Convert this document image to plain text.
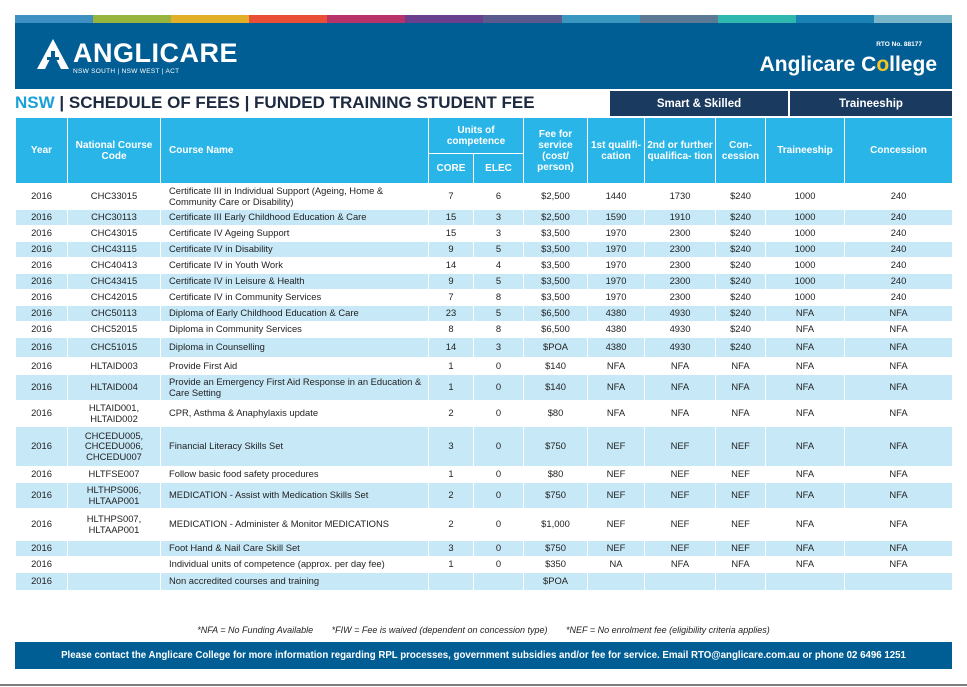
ANGLICARE
NSW SOUTH | NSW WEST | ACT
RTO No. 88177
Anglicare College
NSW | SCHEDULE OF FEES | FUNDED TRAINING STUDENT FEE	Smart & Skilled	Traineeship
Year	National Course Code	Course Name	Units of competence		Fee for service (cost/ person)	1st qualifi- cation	2nd or further qualifica- tion	Con- cession	Traineeship	Concession
			CORE	ELEC						
2016	CHC33015	Certificate III in Individual Support (Ageing, Home & Community Care or Disability)	7	6	$2,500	1440	1730	$240	1000	240
2016	CHC30113	Certificate III Early Childhood Education & Care	15	3	$2,500	1590	1910	$240	1000	240
2016	CHC43015	Certificate IV Ageing Support	15	3	$3,500	1970	2300	$240	1000	240
2016	CHC43115	Certificate IV in Disability	9	5	$3,500	1970	2300	$240	1000	240
2016	CHC40413	Certificate IV in Youth Work	14	4	$3,500	1970	2300	$240	1000	240
2016	CHC43415	Certificate IV in Leisure & Health	9	5	$3,500	1970	2300	$240	1000	240
2016	CHC42015	Certificate IV in Community Services	7	8	$3,500	1970	2300	$240	1000	240
2016	CHC50113	Diploma of Early Childhood Education & Care	23	5	$6,500	4380	4930	$240	NFA	NFA
2016	CHC52015	Diploma in Community Services	8	8	$6,500	4380	4930	$240	NFA	NFA
2016	CHC51015	Diploma in Counselling	14	3	$POA	4380	4930	$240	NFA	NFA
2016	HLTAID003	Provide First Aid	1	0	$140	NFA	NFA	NFA	NFA	NFA
2016	HLTAID004	Provide an Emergency First Aid Response in an Education & Care Setting	1	0	$140	NFA	NFA	NFA	NFA	NFA
2016	HLTAID001, HLTAID002	CPR, Asthma & Anaphylaxis update	2	0	$80	NFA	NFA	NFA	NFA	NFA
2016	CHCEDU005, CHCEDU006, CHCEDU007	Financial Literacy Skills Set	3	0	$750	NEF	NEF	NEF	NFA	NFA
2016	HLTFSE007	Follow basic food safety procedures	1	0	$80	NEF	NEF	NEF	NFA	NFA
2016	HLTHPS006, HLTAAP001	MEDICATION - Assist with Medication Skills Set	2	0	$750	NEF	NEF	NEF	NFA	NFA
2016	HLTHPS007, HLTAAP001	MEDICATION - Administer & Monitor MEDICATIONS	2	0	$1,000	NEF	NEF	NEF	NFA	NFA
2016		Foot Hand & Nail Care Skill Set	3	0	$750	NEF	NEF	NEF	NFA	NFA
2016		Individual units of competence (approx. per day fee)	1	0	$350	NA	NFA	NFA	NFA	NFA
2016		Non accredited courses and training			$POA					
*NFA = No Funding Available *FIW = Fee is waived (dependent on concession type) *NEF = No enrolment fee (eligibility criteria applies)
Please contact the Anglicare College for more information regarding RPL processes, government subsidies and/or fee for service. Email RTO@anglicare.com.au or phone 02 6496 1251
